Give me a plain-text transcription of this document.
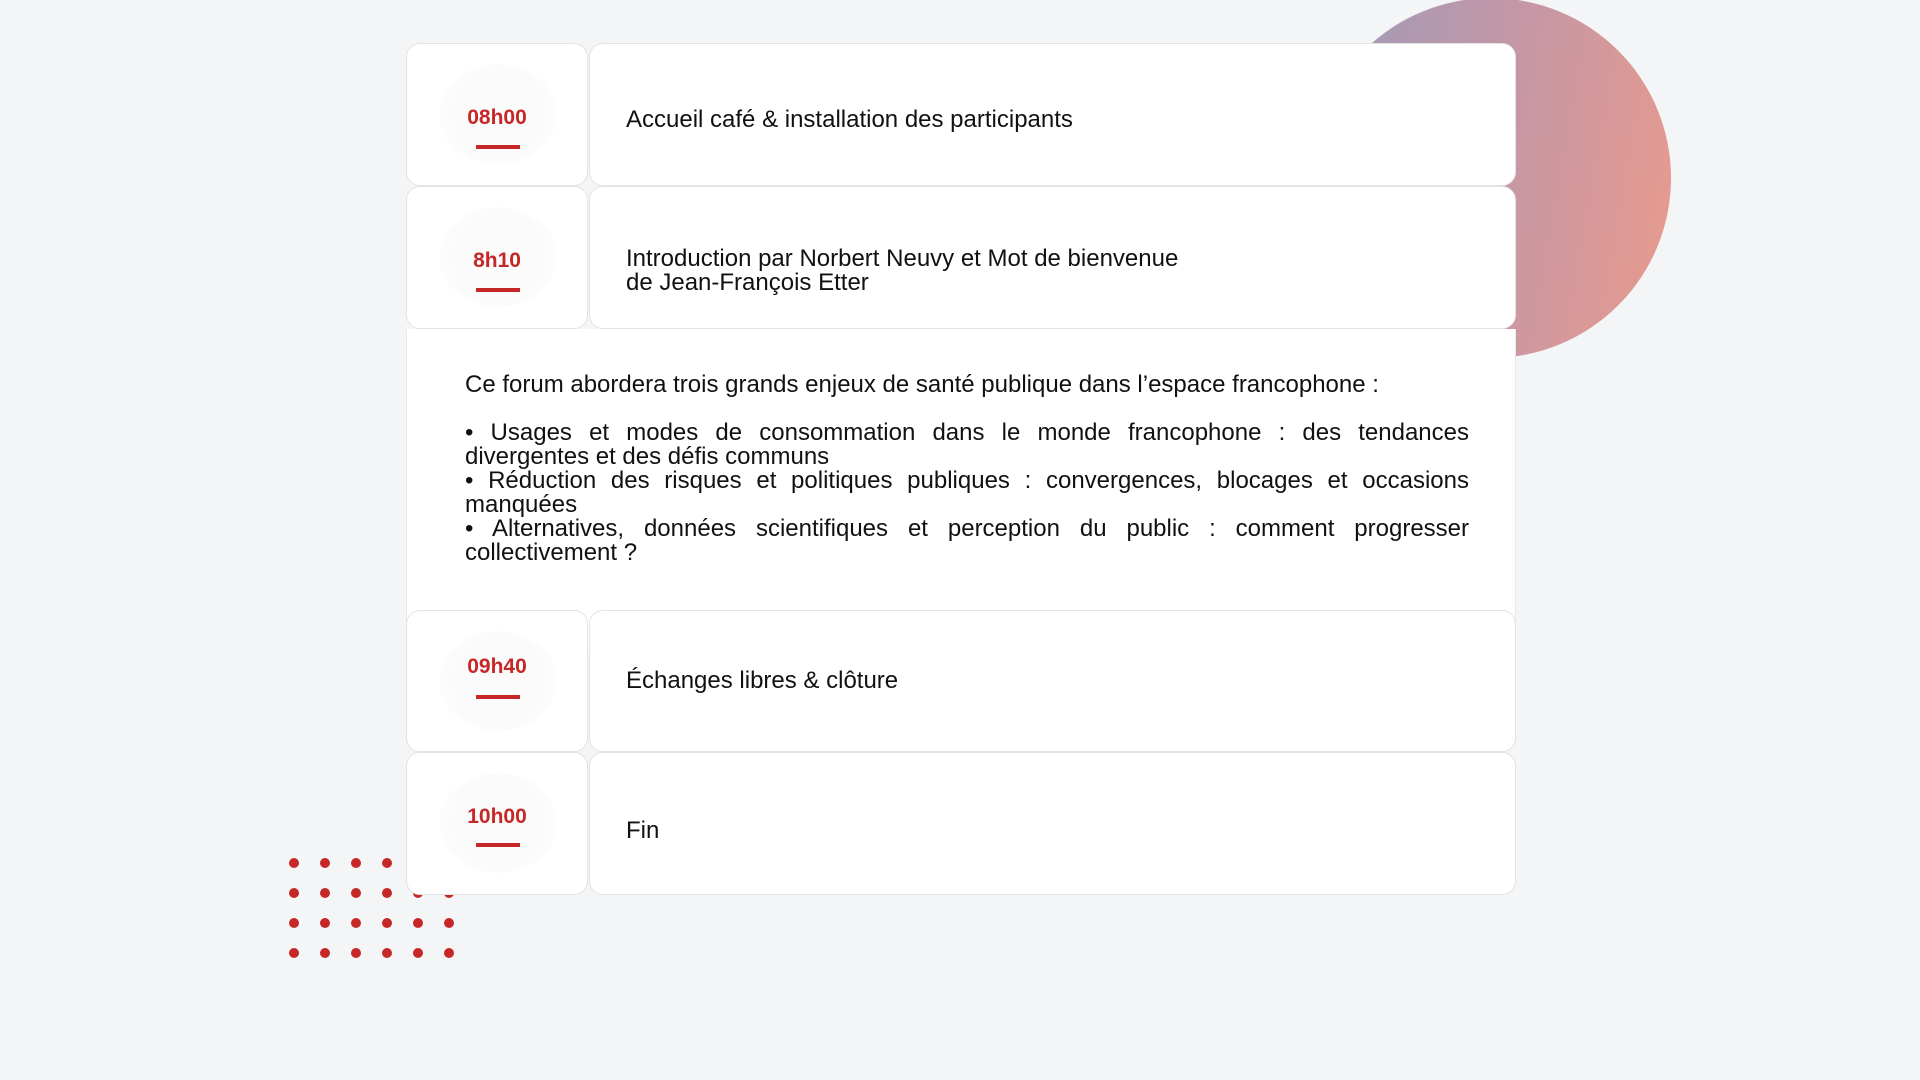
08h00	Accueil café & installation des participants
8h10	Introduction par Norbert Neuvy et Mot de bienvenue
de Jean-François Etter

Ce forum abordera trois grands enjeux de santé publique dans l’espace francophone :

• Usages et modes de consommation dans le monde francophone : des tendances divergentes et des défis communs
• Réduction des risques et politiques publiques : convergences, blocages et occasions manquées
• Alternatives, données scientifiques et perception du public : comment progresser collectivement ?
09h40
Échanges libres & clôture
10h00
Fin
